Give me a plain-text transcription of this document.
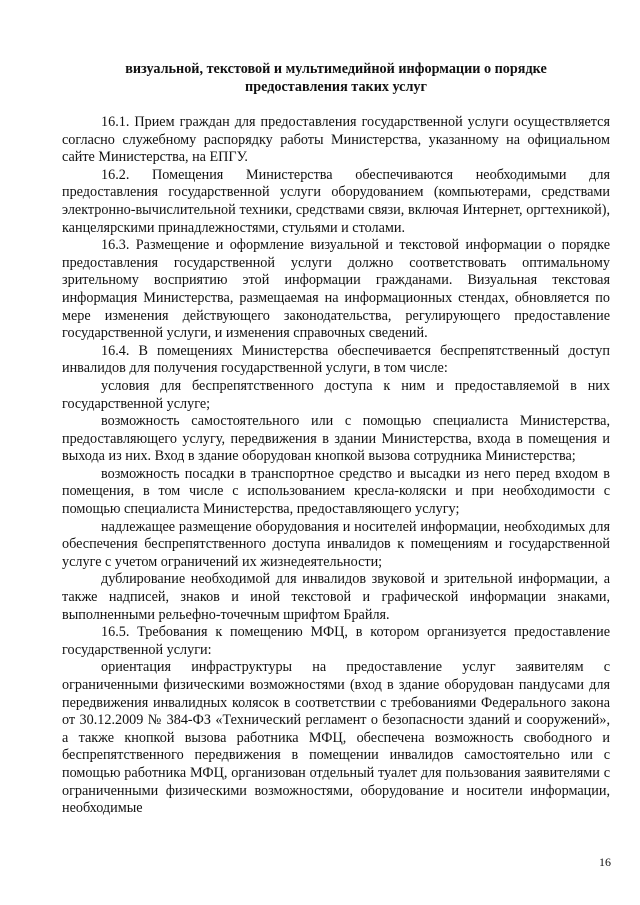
визуальной, текстовой и мультимедийной информации о порядке
предоставления таких услуг

16.1. Прием граждан для предоставления государственной услуги осуществляется согласно служебному распорядку работы Министерства, указанному на официальном сайте Министерства, на ЕПГУ.

16.2. Помещения Министерства обеспечиваются необходимыми для предоставления государственной услуги оборудованием (компьютерами, средствами электронно-вычислительной техники, средствами связи, включая Интернет, оргтехникой), канцелярскими принадлежностями, стульями и столами.

16.3. Размещение и оформление визуальной и текстовой информации о порядке предоставления государственной услуги должно соответствовать оптимальному зрительному восприятию этой информации гражданами. Визуальная текстовая информация Министерства, размещаемая на информационных стендах, обновляется по мере изменения действующего законодательства, регулирующего предоставление государственной услуги, и изменения справочных сведений.

16.4. В помещениях Министерства обеспечивается беспрепятственный доступ инвалидов для получения государственной услуги, в том числе:

условия для беспрепятственного доступа к ним и предоставляемой в них государственной услуге;

возможность самостоятельного или с помощью специалиста Министерства, предоставляющего услугу, передвижения в здании Министерства, входа в помещения и выхода из них. Вход в здание оборудован кнопкой вызова сотрудника Министерства;

возможность посадки в транспортное средство и высадки из него перед входом в помещения, в том числе с использованием кресла-коляски и при необходимости с помощью специалиста Министерства, предоставляющего услугу;

надлежащее размещение оборудования и носителей информации, необходимых для обеспечения беспрепятственного доступа инвалидов к помещениям и государственной услуге с учетом ограничений их жизнедеятельности;

дублирование необходимой для инвалидов звуковой и зрительной информации, а также надписей, знаков и иной текстовой и графической информации знаками, выполненными рельефно-точечным шрифтом Брайля.

16.5. Требования к помещению МФЦ, в котором организуется предоставление государственной услуги:

ориентация инфраструктуры на предоставление услуг заявителям с ограниченными физическими возможностями (вход в здание оборудован пандусами для передвижения инвалидных колясок в соответствии с требованиями Федерального закона от 30.12.2009 № 384-ФЗ «Технический регламент о безопасности зданий и сооружений», а также кнопкой вызова работника МФЦ, обеспечена возможность свободного и беспрепятственного передвижения в помещении инвалидов самостоятельно или с помощью работника МФЦ, организован отдельный туалет для пользования заявителями с ограниченными физическими возможностями, оборудование и носители информации, необходимые

16
